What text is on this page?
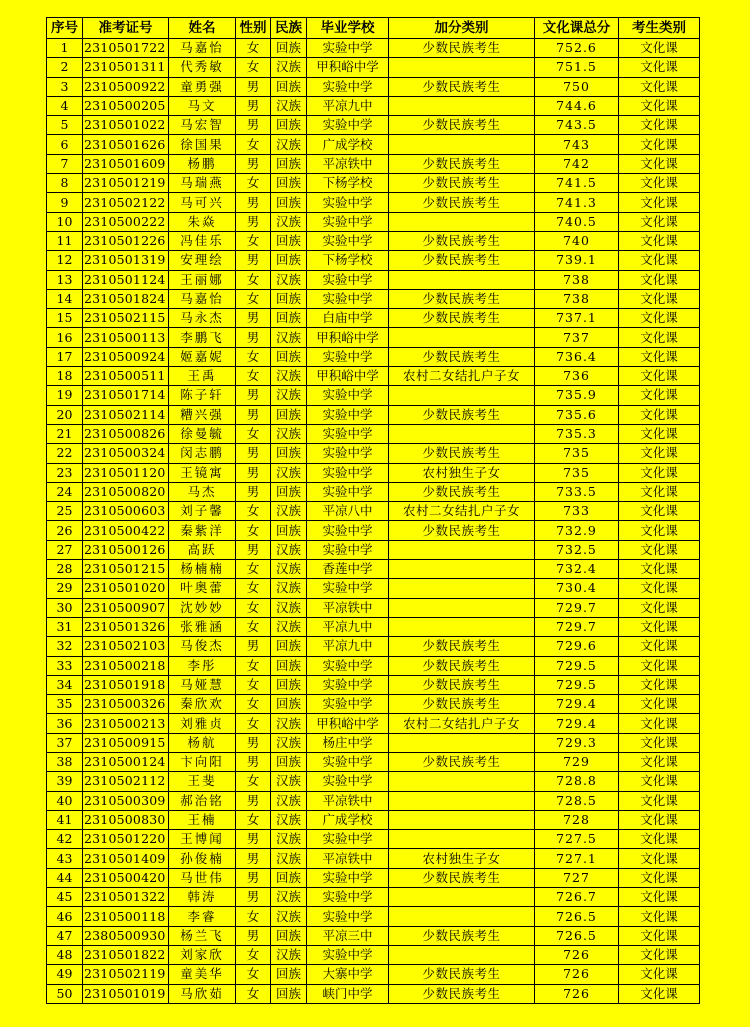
序号	准考证号	姓名	性别	民族	毕业学校	加分类别	文化课总分	考生类别
1	2310501722	马嘉怡	女	回族	实验中学	少数民族考生	752.6	文化课
2	2310501311	代秀敏	女	汉族	甲积峪中学		751.5	文化课
3	2310500922	童勇强	男	回族	实验中学	少数民族考生	750	文化课
4	2310500205	马文	男	汉族	平凉九中		744.6	文化课
5	2310501022	马宏智	男	回族	实验中学	少数民族考生	743.5	文化课
6	2310501626	徐国果	女	汉族	广成学校		743	文化课
7	2310501609	杨鹏	男	回族	平凉铁中	少数民族考生	742	文化课
8	2310501219	马瑞燕	女	回族	下杨学校	少数民族考生	741.5	文化课
9	2310502122	马可兴	男	回族	实验中学	少数民族考生	741.3	文化课
10	2310500222	朱焱	男	汉族	实验中学		740.5	文化课
11	2310501226	冯佳乐	女	回族	实验中学	少数民族考生	740	文化课
12	2310501319	安理绘	男	回族	下杨学校	少数民族考生	739.1	文化课
13	2310501124	王丽娜	女	汉族	实验中学		738	文化课
14	2310501824	马嘉怡	女	回族	实验中学	少数民族考生	738	文化课
15	2310502115	马永杰	男	回族	白庙中学	少数民族考生	737.1	文化课
16	2310500113	李鹏飞	男	汉族	甲积峪中学		737	文化课
17	2310500924	姬嘉妮	女	回族	实验中学	少数民族考生	736.4	文化课
18	2310500511	王禹	女	汉族	甲积峪中学	农村二女结扎户子女	736	文化课
19	2310501714	陈子轩	男	汉族	实验中学		735.9	文化课
20	2310502114	糟兴强	男	回族	实验中学	少数民族考生	735.6	文化课
21	2310500826	徐曼毓	女	汉族	实验中学		735.3	文化课
22	2310500324	闵志鹏	男	回族	实验中学	少数民族考生	735	文化课
23	2310501120	王镜寓	男	汉族	实验中学	农村独生子女	735	文化课
24	2310500820	马杰	男	回族	实验中学	少数民族考生	733.5	文化课
25	2310500603	刘子馨	女	汉族	平凉八中	农村二女结扎户子女	733	文化课
26	2310500422	秦紫洋	女	回族	实验中学	少数民族考生	732.9	文化课
27	2310500126	高跃	男	汉族	实验中学		732.5	文化课
28	2310501215	杨楠楠	女	汉族	香莲中学		732.4	文化课
29	2310501020	叶奥蕾	女	汉族	实验中学		730.4	文化课
30	2310500907	沈妙妙	女	汉族	平凉铁中		729.7	文化课
31	2310501326	张雅涵	女	汉族	平凉九中		729.7	文化课
32	2310502103	马俊杰	男	回族	平凉九中	少数民族考生	729.6	文化课
33	2310500218	李彤	女	回族	实验中学	少数民族考生	729.5	文化课
34	2310501918	马娅慧	女	回族	实验中学	少数民族考生	729.5	文化课
35	2310500326	秦欣欢	女	回族	实验中学	少数民族考生	729.4	文化课
36	2310500213	刘雅贞	女	汉族	甲积峪中学	农村二女结扎户子女	729.4	文化课
37	2310500915	杨航	男	汉族	杨庄中学		729.3	文化课
38	2310500124	卞向阳	男	回族	实验中学	少数民族考生	729	文化课
39	2310502112	王斐	女	汉族	实验中学		728.8	文化课
40	2310500309	郝治铭	男	汉族	平凉铁中		728.5	文化课
41	2310500830	王楠	女	汉族	广成学校		728	文化课
42	2310501220	王博闻	男	汉族	实验中学		727.5	文化课
43	2310501409	孙俊楠	男	汉族	平凉铁中	农村独生子女	727.1	文化课
44	2310500420	马世伟	男	回族	实验中学	少数民族考生	727	文化课
45	2310501322	韩涛	男	汉族	实验中学		726.7	文化课
46	2310500118	李睿	女	汉族	实验中学		726.5	文化课
47	2380500930	杨兰飞	男	回族	平凉三中	少数民族考生	726.5	文化课
48	2310501822	刘家欣	女	汉族	实验中学		726	文化课
49	2310502119	童美华	女	回族	大寨中学	少数民族考生	726	文化课
50	2310501019	马欣茹	女	回族	峡门中学	少数民族考生	726	文化课
